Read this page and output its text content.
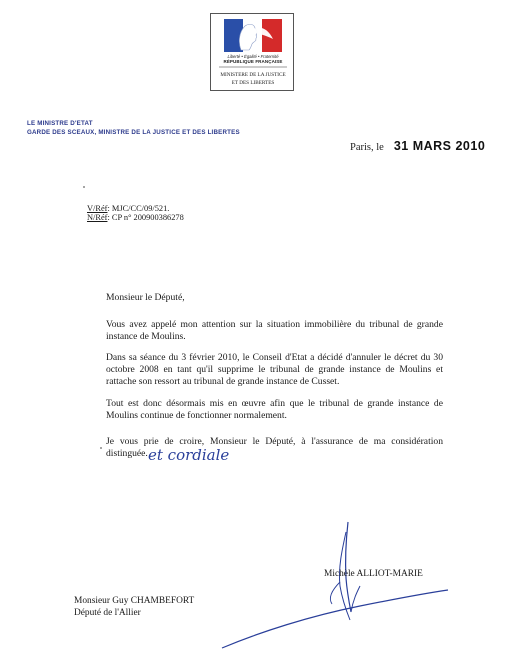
Liberté • Égalité • Fraternité
RÉPUBLIQUE FRANÇAISE
MINISTERE DE LA JUSTICE
ET DES LIBERTES
LE MINISTRE D'ETAT
GARDE DES SCEAUX, MINISTRE DE LA JUSTICE ET DES LIBERTES
Paris, le 31 MARS 2010
V/Réf: MJC/CC/09/521.
N/Réf: CP n° 200900386278
Monsieur le Député,
Vous avez appelé mon attention sur la situation immobilière du tribunal de grande instance de Moulins.
Dans sa séance du 3 février 2010, le Conseil d'Etat a décidé d'annuler le décret du 30 octobre 2008 en tant qu'il supprime le tribunal de grande instance de Moulins et rattache son ressort au tribunal de grande instance de Cusset.
Tout est donc désormais mis en œuvre afin que le tribunal de grande instance de Moulins continue de fonctionner normalement.
Je vous prie de croire, Monsieur le Député, à l'assurance de ma considération distinguée. et cordiale
Michèle ALLIOT-MARIE
Monsieur Guy CHAMBEFORT
Député de l'Allier
